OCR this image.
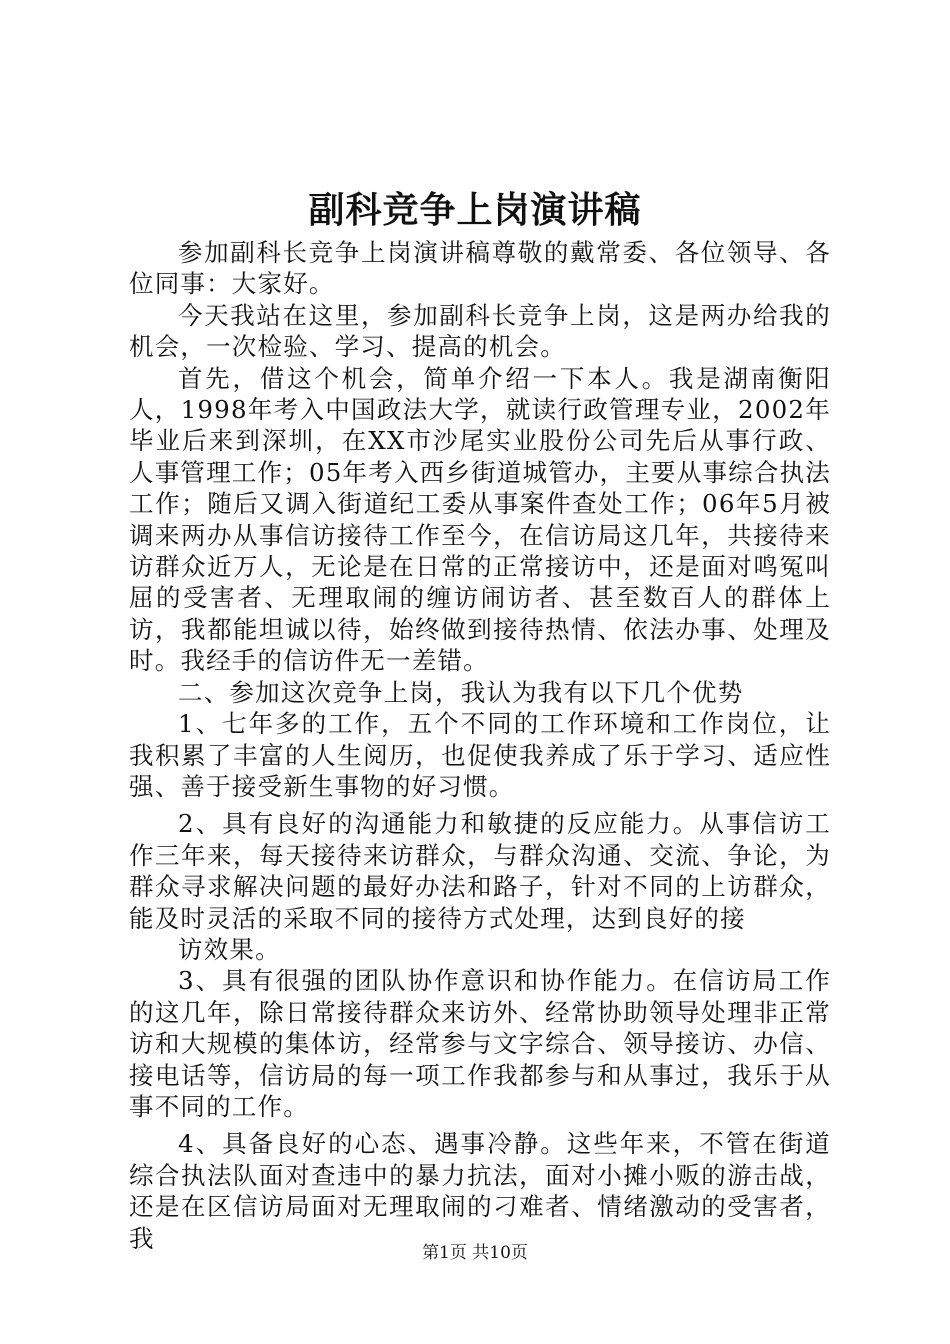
副科竞争上岗演讲稿

参加副科长竞争上岗演讲稿尊敬的戴常委、各位领导、各位同事：大家好。

今天我站在这里，参加副科长竞争上岗，这是两办给我的机会，一次检验、学习、提高的机会。

首先，借这个机会，简单介绍一下本人。我是湖南衡阳人，1998年考入中国政法大学，就读行政管理专业，2002年毕业后来到深圳，在XX市沙尾实业股份公司先后从事行政、人事管理工作；05年考入西乡街道城管办，主要从事综合执法工作；随后又调入街道纪工委从事案件查处工作；06年5月被调来两办从事信访接待工作至今，在信访局这几年，共接待来访群众近万人，无论是在日常的正常接访中，还是面对鸣冤叫屈的受害者、无理取闹的缠访闹访者、甚至数百人的群体上访，我都能坦诚以待，始终做到接待热情、依法办事、处理及时。我经手的信访件无一差错。

二、参加这次竞争上岗，我认为我有以下几个优势

1、七年多的工作，五个不同的工作环境和工作岗位，让我积累了丰富的人生阅历，也促使我养成了乐于学习、适应性强、善于接受新生事物的好习惯。

2、具有良好的沟通能力和敏捷的反应能力。从事信访工作三年来，每天接待来访群众，与群众沟通、交流、争论，为群众寻求解决问题的最好办法和路子，针对不同的上访群众，能及时灵活的采取不同的接待方式处理，达到良好的接

访效果。

3、具有很强的团队协作意识和协作能力。在信访局工作的这几年，除日常接待群众来访外、经常协助领导处理非正常访和大规模的集体访，经常参与文字综合、领导接访、办信、接电话等，信访局的每一项工作我都参与和从事过，我乐于从事不同的工作。

4、具备良好的心态、遇事冷静。这些年来，不管在街道综合执法队面对查违中的暴力抗法，面对小摊小贩的游击战，还是在区信访局面对无理取闹的刁难者、情绪激动的受害者，我

第1页 共10页
